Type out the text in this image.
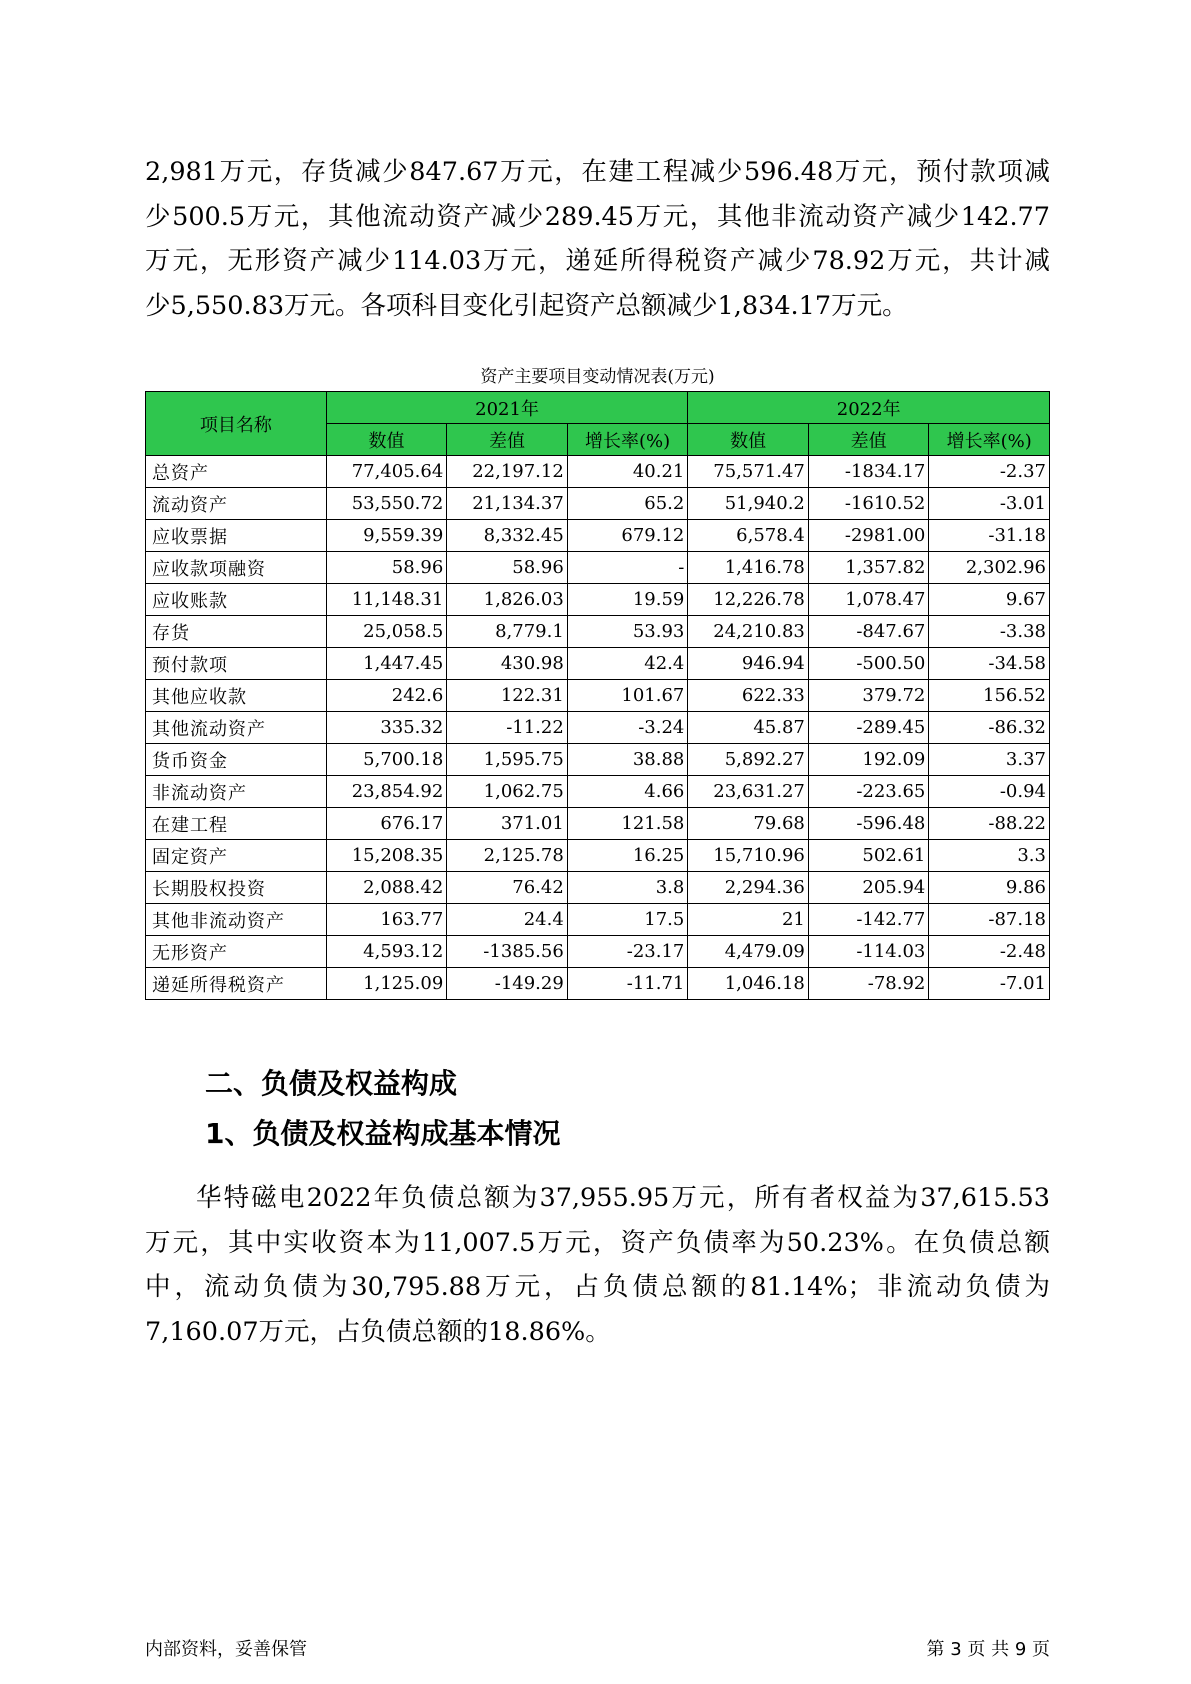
2,981万元，存货减少847.67万元，在建工程减少596.48万元，预付款项减
少500.5万元，其他流动资产减少289.45万元，其他非流动资产减少142.77
万元，无形资产减少114.03万元，递延所得税资产减少78.92万元，共计减
少5,550.83万元。各项科目变化引起资产总额减少1,834.17万元。
资产主要项目变动情况表(万元)
项目名称	2021年			2022年		
	数值	差值	增长率(%)	数值	差值	增长率(%)
总资产	77,405.64	22,197.12	40.21	75,571.47	-1834.17	-2.37
流动资产	53,550.72	21,134.37	65.2	51,940.2	-1610.52	-3.01
应收票据	9,559.39	8,332.45	679.12	6,578.4	-2981.00	-31.18
应收款项融资	58.96	58.96	-	1,416.78	1,357.82	2,302.96
应收账款	11,148.31	1,826.03	19.59	12,226.78	1,078.47	9.67
存货	25,058.5	8,779.1	53.93	24,210.83	-847.67	-3.38
预付款项	1,447.45	430.98	42.4	946.94	-500.50	-34.58
其他应收款	242.6	122.31	101.67	622.33	379.72	156.52
其他流动资产	335.32	-11.22	-3.24	45.87	-289.45	-86.32
货币资金	5,700.18	1,595.75	38.88	5,892.27	192.09	3.37
非流动资产	23,854.92	1,062.75	4.66	23,631.27	-223.65	-0.94
在建工程	676.17	371.01	121.58	79.68	-596.48	-88.22
固定资产	15,208.35	2,125.78	16.25	15,710.96	502.61	3.3
长期股权投资	2,088.42	76.42	3.8	2,294.36	205.94	9.86
其他非流动资产	163.77	24.4	17.5	21	-142.77	-87.18
无形资产	4,593.12	-1385.56	-23.17	4,479.09	-114.03	-2.48
递延所得税资产	1,125.09	-149.29	-11.71	1,046.18	-78.92	-7.01
二、负债及权益构成
1、负债及权益构成基本情况
华特磁电2022年负债总额为37,955.95万元，所有者权益为37,615.53
万元，其中实收资本为11,007.5万元，资产负债率为50.23%。在负债总额
中，流动负债为30,795.88万元，占负债总额的81.14%；非流动负债为
7,160.07万元，占负债总额的18.86%。
内部资料，妥善保管	第 3 页 共 9 页
